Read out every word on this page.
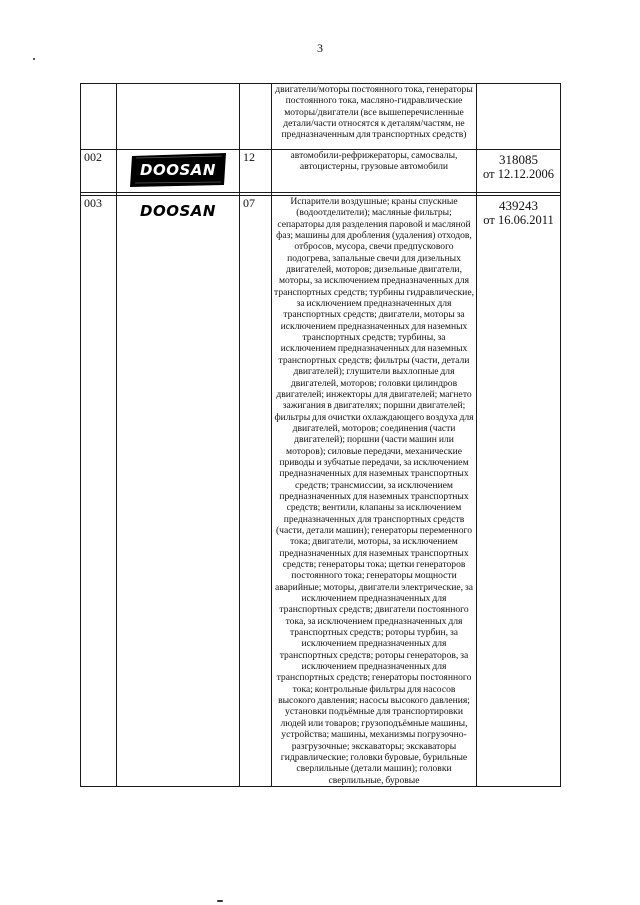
3
			двигатели/моторы постоянного тока, генераторы постоянного тока, масляно-гидравлические моторы/двигатели (все вышеперечисленные детали/части относятся к деталям/частям, не предназначенным для транспортных средств)	
002	DOOSAN	12	автомобили-рефрижераторы, самосвалы, автоцистерны, грузовые автомобили	318085
от 12.12.2006

003	DOOSAN	07	Испарители воздушные; краны спускные (водоотделители); масляные фильтры; сепараторы для разделения паровой и масляной фаз; машины для дробления (удаления) отходов, отбросов, мусора, свечи предпускового подогрева, запальные свечи для дизельных двигателей, моторов; дизельные двигатели, моторы, за исключением предназначенных для транспортных средств; турбины гидравлические, за исключением предназначенных для транспортных средств; двигатели, моторы за исключением предназначенных для наземных транспортных средств; турбины, за исключением предназначенных для наземных транспортных средств; фильтры (части, детали двигателей); глушители выхлопные для двигателей, моторов; головки цилиндров двигателей; инжекторы для двигателей; магнето зажигания в двигателях; поршни двигателей; фильтры для очистки охлаждающего воздуха для двигателей, моторов; соединения (части двигателей); поршни (части машин или моторов); силовые передачи, механические приводы и зубчатые передачи, за исключением предназначенных для наземных транспортных средств; трансмиссии, за исключением предназначенных для наземных транспортных средств; вентили, клапаны за исключением предназначенных для транспортных средств (части, детали машин); генераторы переменного тока; двигатели, моторы, за исключением предназначенных для наземных транспортных средств; генераторы тока; щетки генераторов постоянного тока; генераторы мощности аварийные; моторы, двигатели электрические, за исключением предназначенных для транспортных средств; двигатели постоянного тока, за исключением предназначенных для транспортных средств; роторы турбин, за исключением предназначенных для транспортных средств; роторы генераторов, за исключением предназначенных для транспортных средств; генераторы постоянного тока; контрольные фильтры для насосов высокого давления; насосы высокого давления; установки подъёмные для транспортировки людей или товаров; грузоподъёмные машины, устройства; машины, механизмы погрузочно-разгрузочные; экскаваторы; экскаваторы гидравлические; головки буровые, бурильные сверлильные (детали машин); головки сверлильные, буровые	439243
от 16.06.2011
